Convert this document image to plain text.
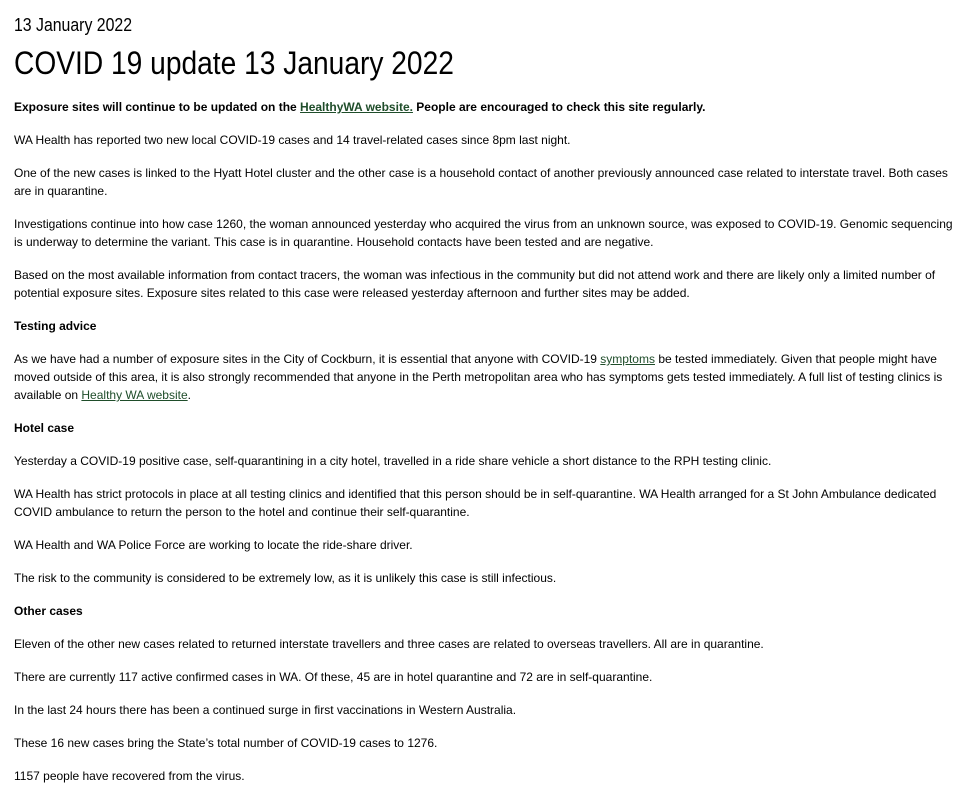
13 January 2022
COVID 19 update 13 January 2022

Exposure sites will continue to be updated on the HealthyWA website. People are encouraged to check this site regularly.

WA Health has reported two new local COVID-19 cases and 14 travel-related cases since 8pm last night.

One of the new cases is linked to the Hyatt Hotel cluster and the other case is a household contact of another previously announced case related to interstate travel. Both cases are in quarantine.

Investigations continue into how case 1260, the woman announced yesterday who acquired the virus from an unknown source, was exposed to COVID-19. Genomic sequencing is underway to determine the variant. This case is in quarantine. Household contacts have been tested and are negative.

Based on the most available information from contact tracers, the woman was infectious in the community but did not attend work and there are likely only a limited number of potential exposure sites. Exposure sites related to this case were released yesterday afternoon and further sites may be added.

Testing advice

As we have had a number of exposure sites in the City of Cockburn, it is essential that anyone with COVID-19 symptoms be tested immediately. Given that people might have moved outside of this area, it is also strongly recommended that anyone in the Perth metropolitan area who has symptoms gets tested immediately. A full list of testing clinics is available on Healthy WA website.

Hotel case

Yesterday a COVID-19 positive case, self-quarantining in a city hotel, travelled in a ride share vehicle a short distance to the RPH testing clinic.

WA Health has strict protocols in place at all testing clinics and identified that this person should be in self-quarantine. WA Health arranged for a St John Ambulance dedicated COVID ambulance to return the person to the hotel and continue their self-quarantine.

WA Health and WA Police Force are working to locate the ride-share driver.

The risk to the community is considered to be extremely low, as it is unlikely this case is still infectious.

Other cases

Eleven of the other new cases related to returned interstate travellers and three cases are related to overseas travellers. All are in quarantine.

There are currently 117 active confirmed cases in WA. Of these, 45 are in hotel quarantine and 72 are in self-quarantine.

In the last 24 hours there has been a continued surge in first vaccinations in Western Australia.

These 16 new cases bring the State’s total number of COVID-19 cases to 1276.

1157 people have recovered from the virus.
